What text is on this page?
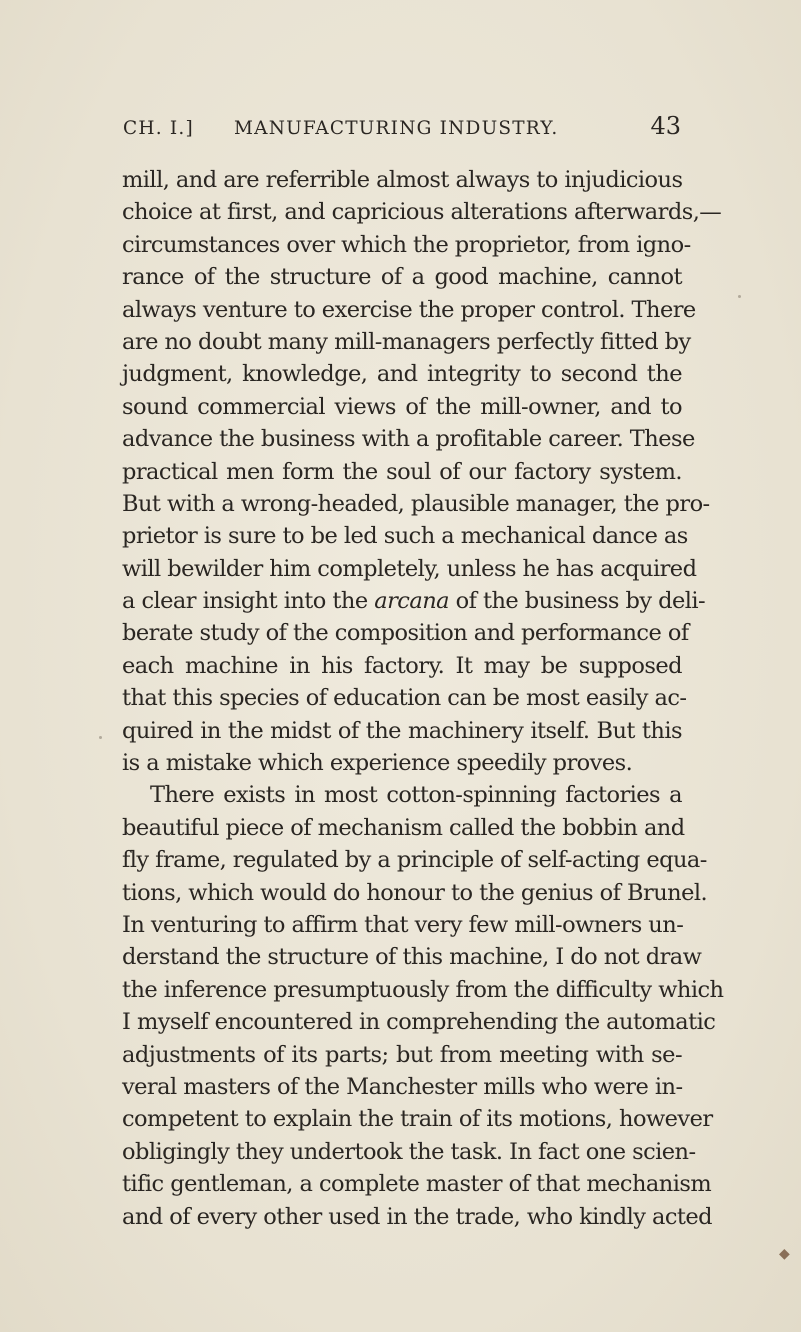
CH. I.] MANUFACTURING INDUSTRY.	43
mill, and are referrible almost always to injudicious
choice at first, and capricious alterations afterwards,—
circumstances over which the proprietor, from igno-
rance of the structure of a good machine, cannot
always venture to exercise the proper control. There
are no doubt many mill-managers perfectly fitted by
judgment, knowledge, and integrity to second the
sound commercial views of the mill-owner, and to
advance the business with a profitable career. These
practical men form the soul of our factory system.
But with a wrong-headed, plausible manager, the pro-
prietor is sure to be led such a mechanical dance as
will bewilder him completely, unless he has acquired
a clear insight into the arcana of the business by deli-
berate study of the composition and performance of
each machine in his factory. It may be supposed
that this species of education can be most easily ac-
quired in the midst of the machinery itself. But this
is a mistake which experience speedily proves.
There exists in most cotton-spinning factories a
beautiful piece of mechanism called the bobbin and
fly frame, regulated by a principle of self-acting equa-
tions, which would do honour to the genius of Brunel.
In venturing to affirm that very few mill-owners un-
derstand the structure of this machine, I do not draw
the inference presumptuously from the difficulty which
I myself encountered in comprehending the automatic
adjustments of its parts; but from meeting with se-
veral masters of the Manchester mills who were in-
competent to explain the train of its motions, however
obligingly they undertook the task. In fact one scien-
tific gentleman, a complete master of that mechanism
and of every other used in the trade, who kindly acted
◆
